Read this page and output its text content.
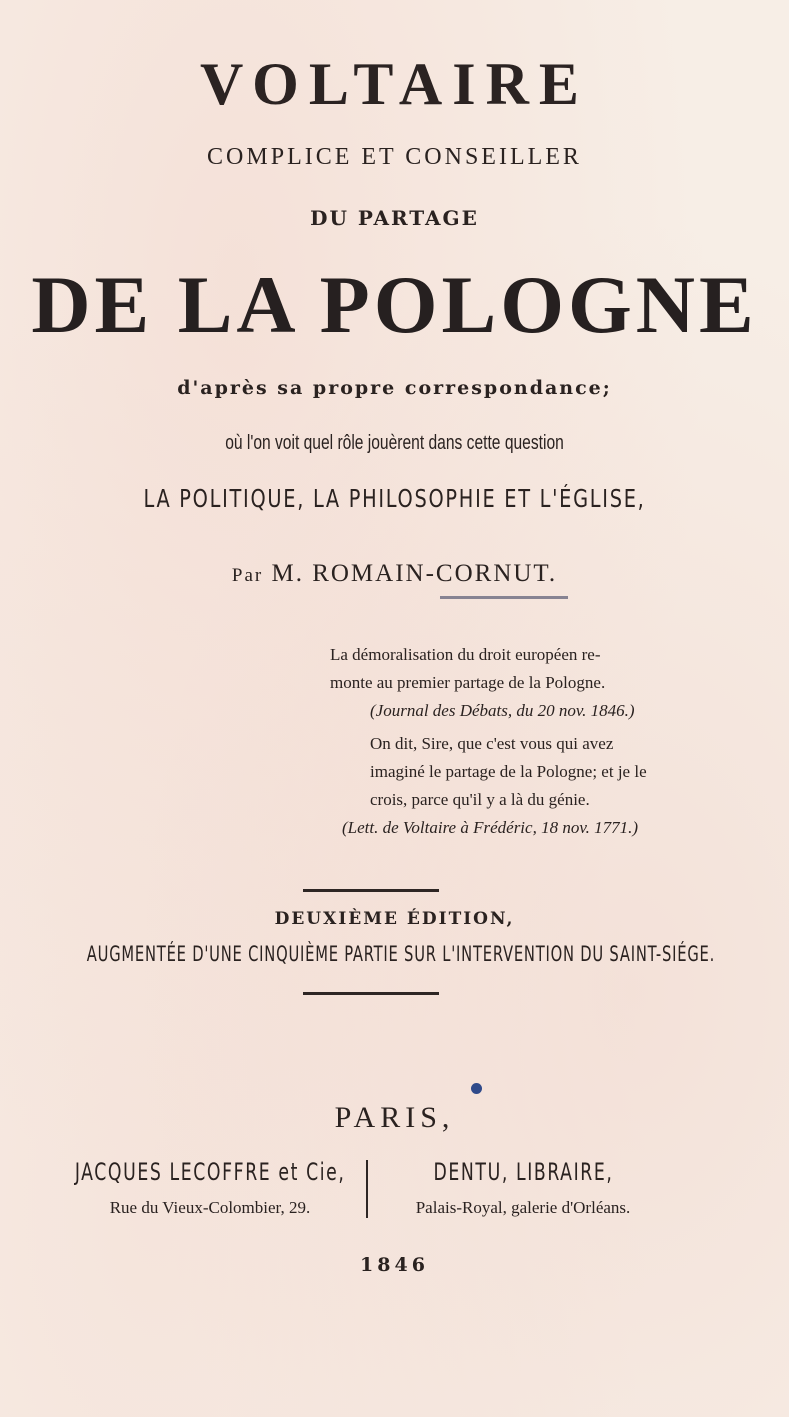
VOLTAIRE
COMPLICE ET CONSEILLER
DU PARTAGE
DE LA POLOGNE
d'après sa propre correspondance;
où l'on voit quel rôle jouèrent dans cette question
LA POLITIQUE, LA PHILOSOPHIE ET L'ÉGLISE,
Par M. ROMAIN-CORNUT.
La démoralisation du droit européen re-
monte au premier partage de la Pologne.
(Journal des Débats, du 20 nov. 1846.)
On dit, Sire, que c'est vous qui avez
imaginé le partage de la Pologne; et je le
crois, parce qu'il y a là du génie.
(Lett. de Voltaire à Frédéric, 18 nov. 1771.)
DEUXIÈME ÉDITION,
AUGMENTÉE D'UNE CINQUIÈME PARTIE SUR L'INTERVENTION DU SAINT-SIÉGE.
PARIS,
JACQUES LECOFFRE et Cie,
Rue du Vieux-Colombier, 29.
DENTU, LIBRAIRE,
Palais-Royal, galerie d'Orléans.
1846
